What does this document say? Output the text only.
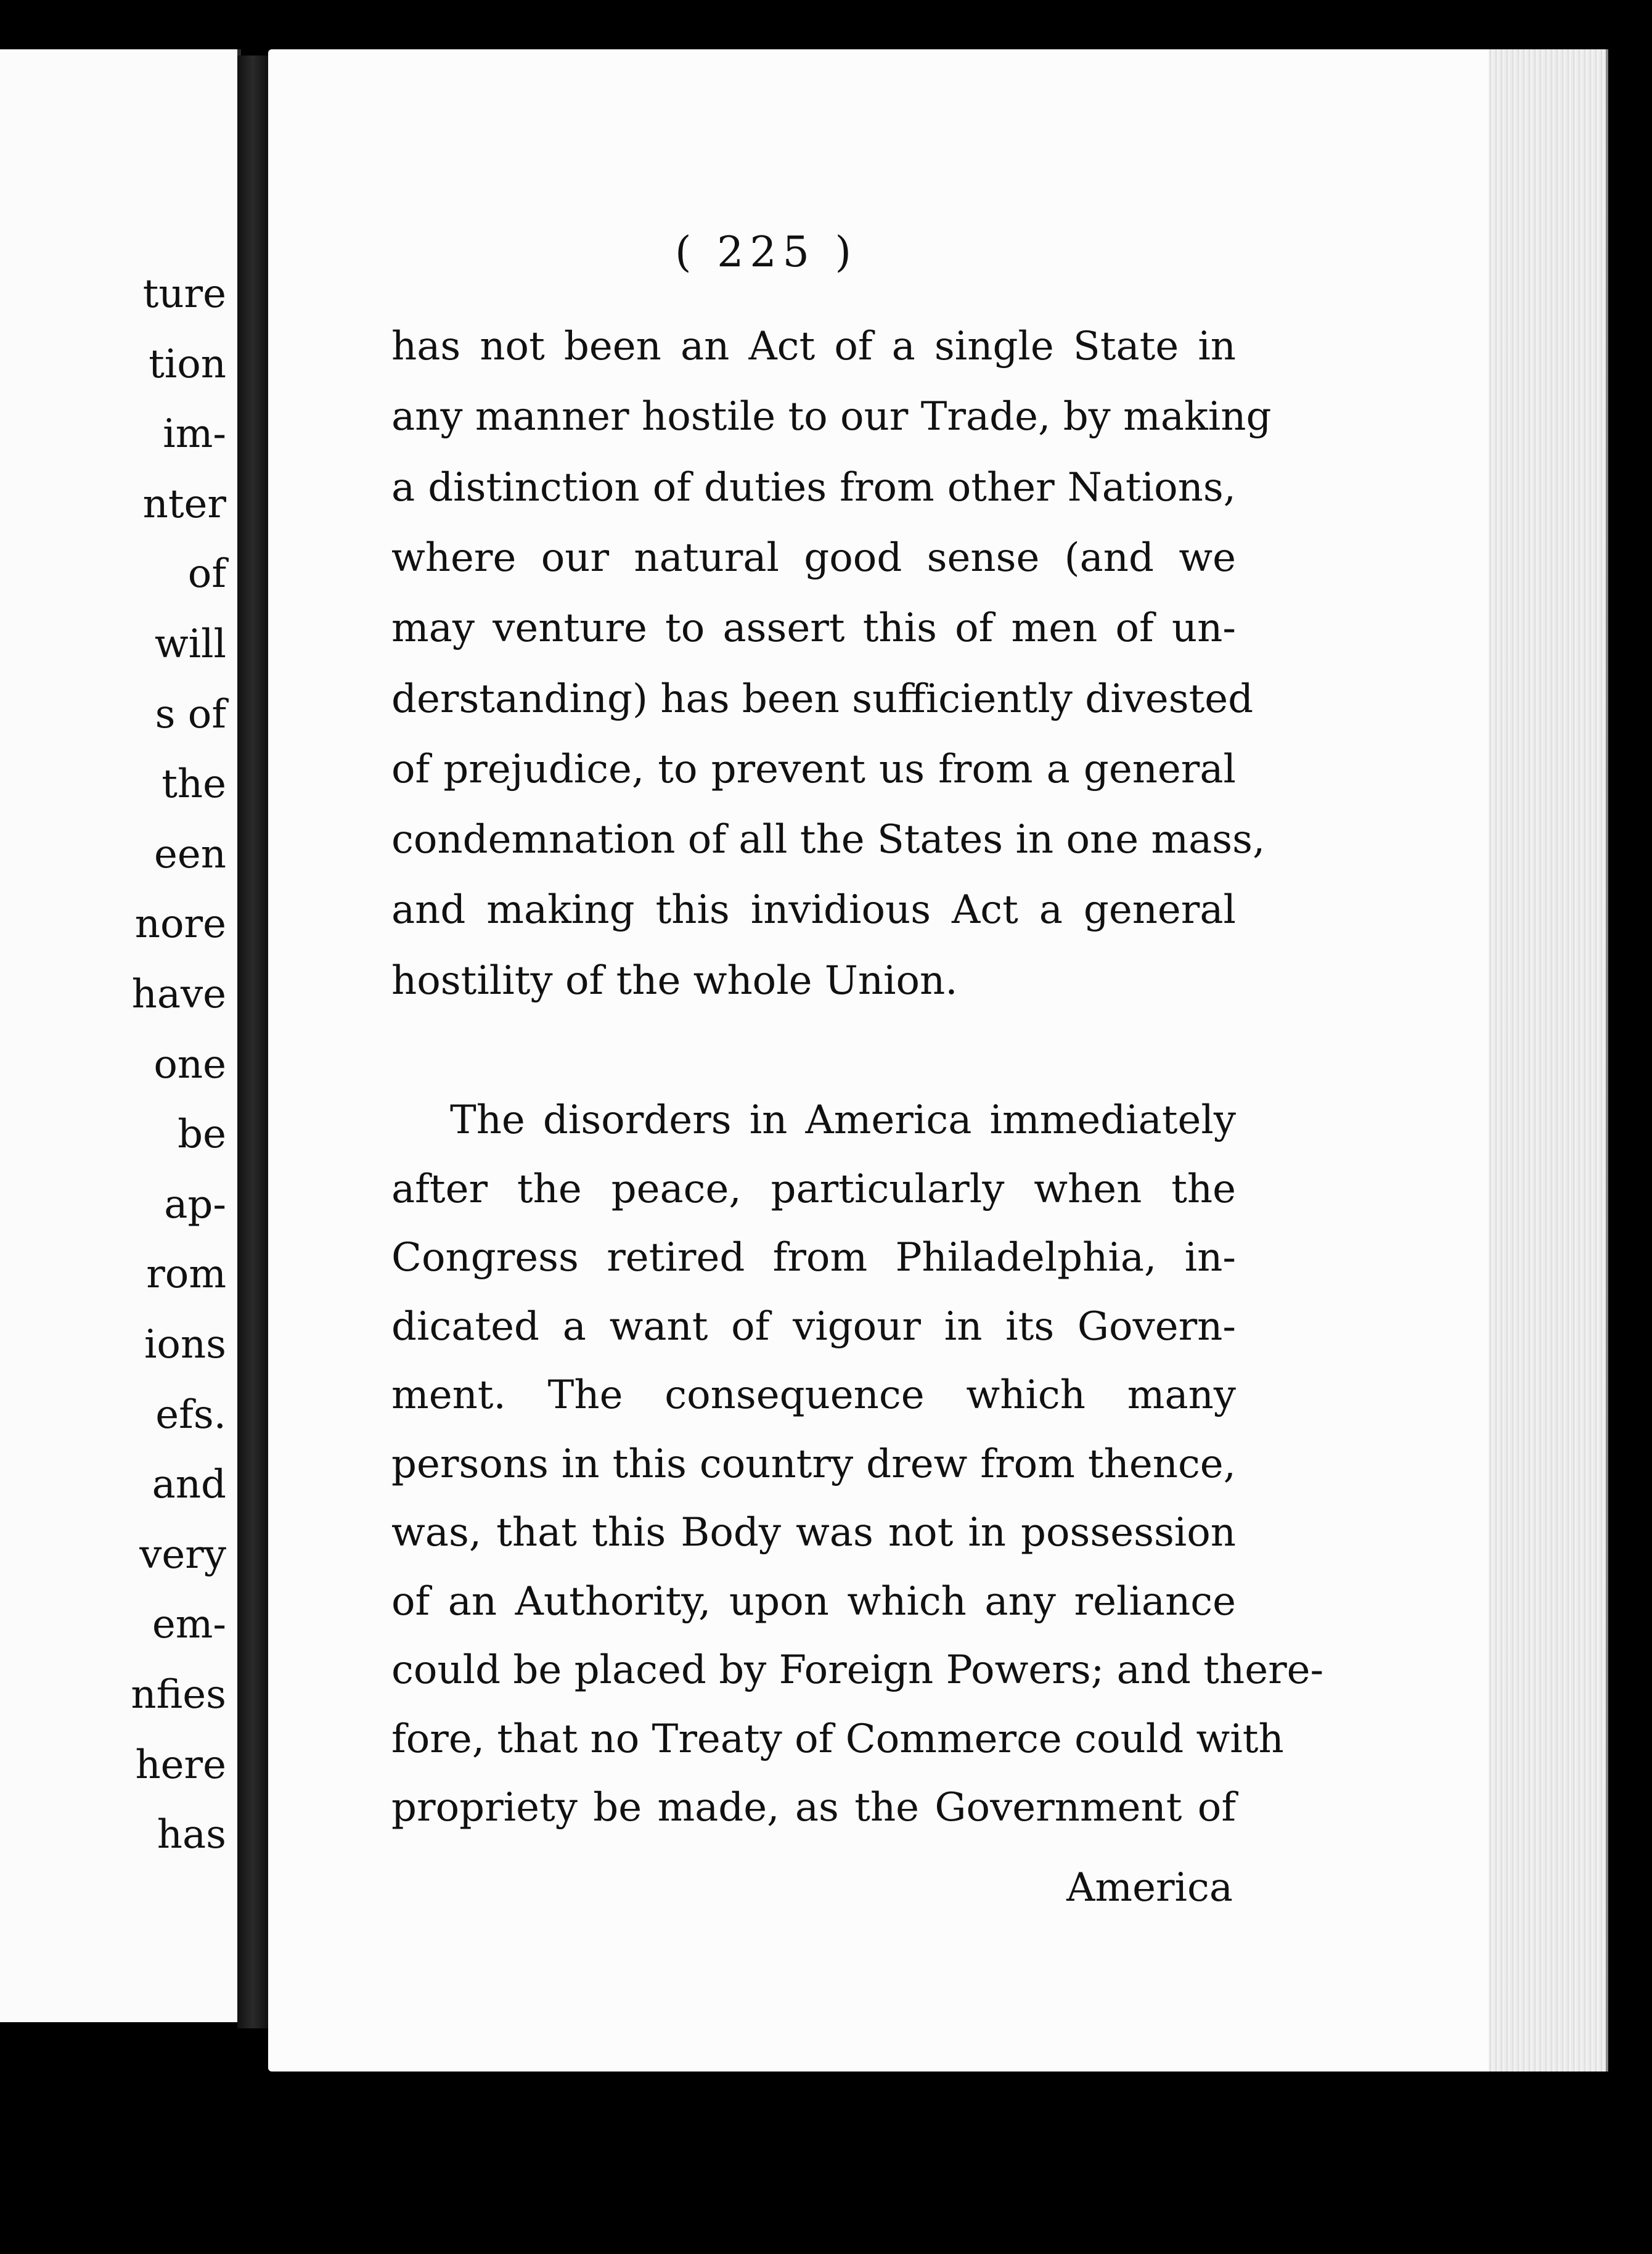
ture
tion
im-
nter
of
will
s of
the
een
nore
have
one
be
ap-
rom
ions
efs.
and
very
em-
nfies
here
has
( 225 )
has not been an Act of a single State in
any manner hostile to our Trade, by making
a distinction of duties from other Nations,
where our natural good sense (and we
may venture to assert this of men of un-
derstanding) has been sufficiently divested
of prejudice, to prevent us from a general
condemnation of all the States in one mass,
and making this invidious Act a general
hostility of the whole Union.
The disorders in America immediately
after the peace, particularly when the
Congress retired from Philadelphia, in-
dicated a want of vigour in its Govern-
ment. The consequence which many
persons in this country drew from thence,
was, that this Body was not in possession
of an Authority, upon which any reliance
could be placed by Foreign Powers; and there-
fore, that no Treaty of Commerce could with
propriety be made, as the Government of
America
